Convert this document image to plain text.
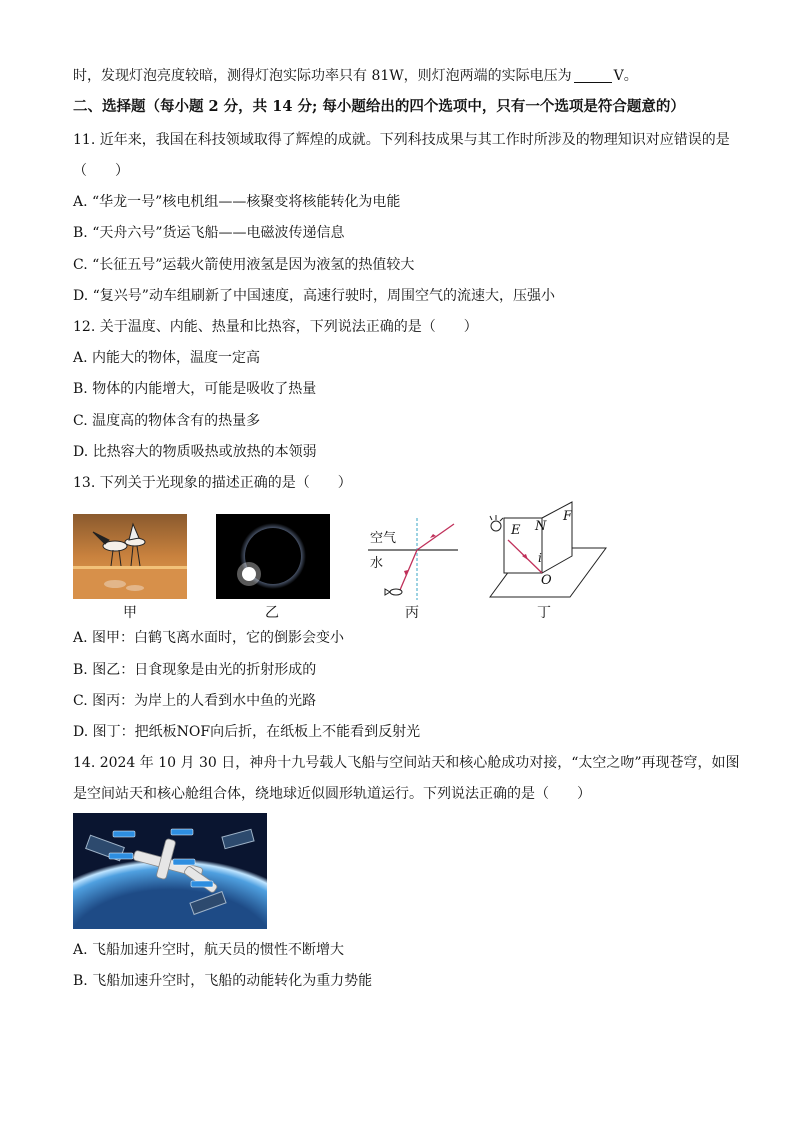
时，发现灯泡亮度较暗，测得灯泡实际功率只有 81W，则灯泡两端的实际电压为	V。
二、选择题（每小题 2 分，共 14 分; 每小题给出的四个选项中，只有一个选项是符合题意的）
11. 近年来，我国在科技领域取得了辉煌的成就。下列科技成果与其工作时所涉及的物理知识对应错误的是
（　　）
A. “华龙一号”核电机组——核聚变将核能转化为电能
B. “天舟六号”货运飞船——电磁波传递信息
C. “长征五号”运载火箭使用液氢是因为液氢的热值较大
D. “复兴号”动车组刷新了中国速度，高速行驶时，周围空气的流速大，压强小
12. 关于温度、内能、热量和比热容，下列说法正确的是（　　）
A. 内能大的物体，温度一定高
B. 物体的内能增大，可能是吸收了热量
C. 温度高的物体含有的热量多
D. 比热容大的物质吸热或放热的本领弱
13. 下列关于光现象的描述正确的是（　　）
甲	乙
空气
水
丙
E N
F
i
O
丁
A. 图甲：白鹤飞离水面时，它的倒影会变小
B. 图乙：日食现象是由光的折射形成的
C. 图丙：为岸上的人看到水中鱼的光路
D. 图丁：把纸板NOF向后折，在纸板上不能看到反射光
14. 2024 年 10 月 30 日，神舟十九号载人飞船与空间站天和核心舱成功对接，“太空之吻”再现苍穹，如图
是空间站天和核心舱组合体，绕地球近似圆形轨道运行。下列说法正确的是（　　）
A. 飞船加速升空时，航天员的惯性不断增大
B. 飞船加速升空时，飞船的动能转化为重力势能
